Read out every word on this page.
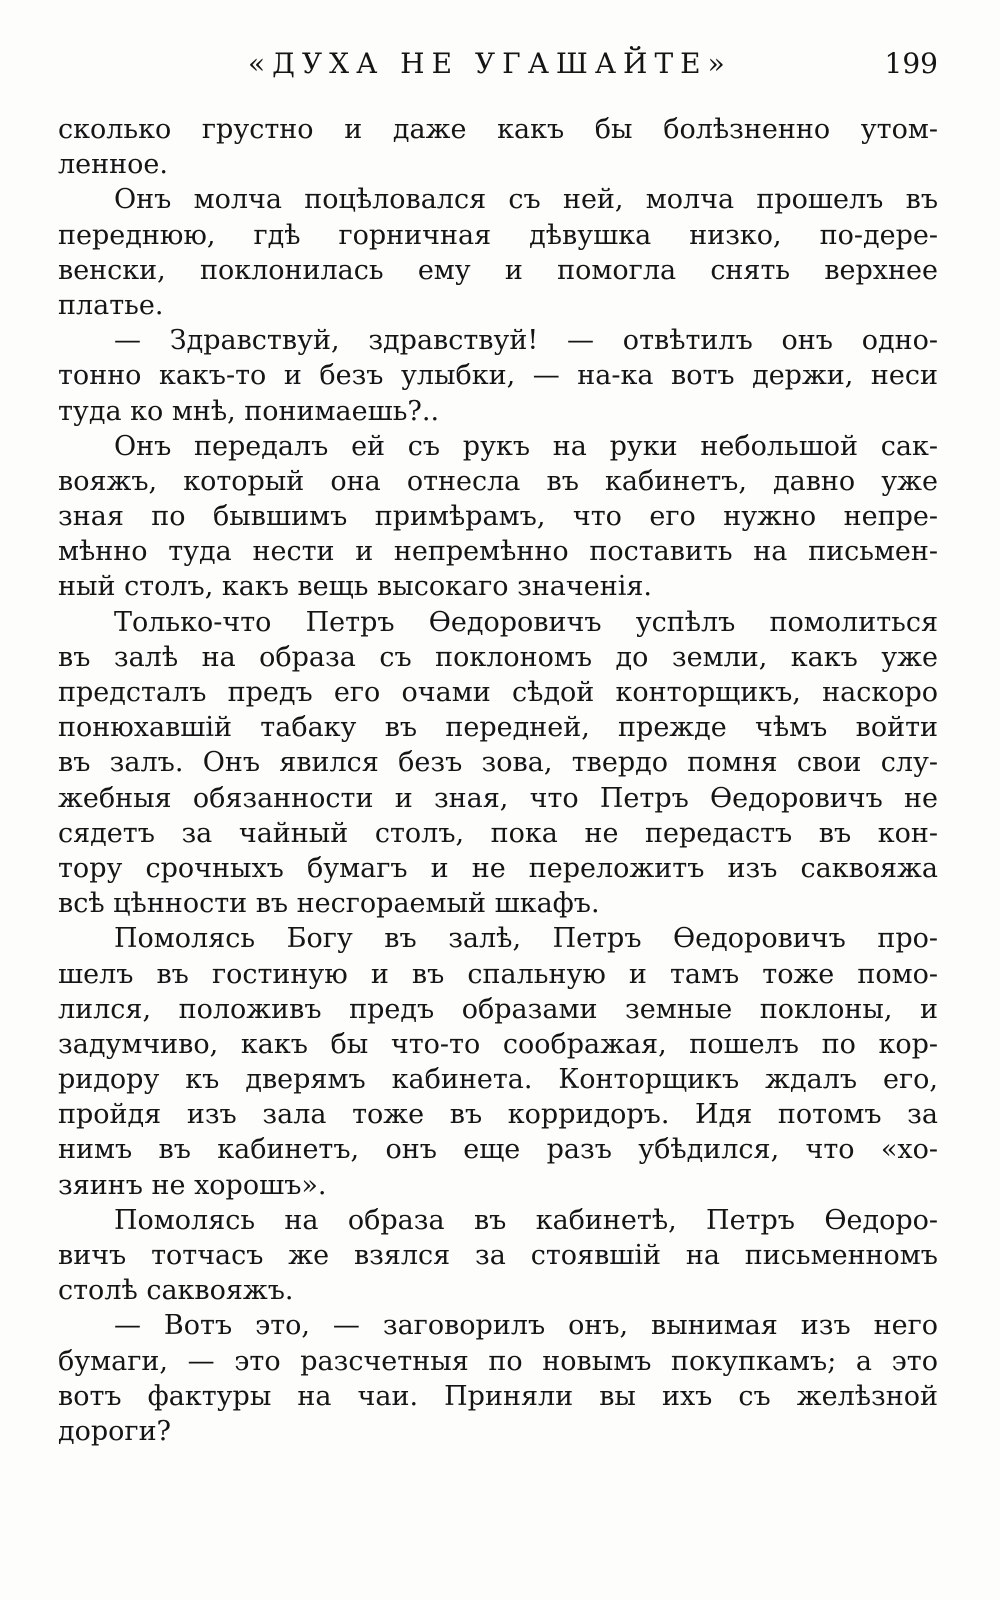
«ДУХА НЕ УГАШАЙТЕ»	199
сколько грустно и даже какъ бы болѣзненно утом-
ленное.
Онъ молча поцѣловался съ ней, молча прошелъ въ
переднюю, гдѣ горничная дѣвушка низко, по-дере-
венски, поклонилась ему и помогла снять верхнее
платье.
— Здравствуй, здравствуй! — отвѣтилъ онъ одно-
тонно какъ-то и безъ улыбки, — на-ка вотъ держи, неси
туда ко мнѣ, понимаешь?..
Онъ передалъ ей съ рукъ на руки небольшой сак-
вояжъ, который она отнесла въ кабинетъ, давно уже
зная по бывшимъ примѣрамъ, что его нужно непре-
мѣнно туда нести и непремѣнно поставить на письмен-
ный столъ, какъ вещь высокаго значенія.
Только-что Петръ Ѳедоровичъ успѣлъ помолиться
въ залѣ на образа съ поклономъ до земли, какъ уже
предсталъ предъ его очами сѣдой конторщикъ, наскоро
понюхавшій табаку въ передней, прежде чѣмъ войти
въ залъ. Онъ явился безъ зова, твердо помня свои слу-
жебныя обязанности и зная, что Петръ Ѳедоровичъ не
сядетъ за чайный столъ, пока не передастъ въ кон-
тору срочныхъ бумагъ и не переложитъ изъ саквояжа
всѣ цѣнности въ несгораемый шкафъ.
Помолясь Богу въ залѣ, Петръ Ѳедоровичъ про-
шелъ въ гостиную и въ спальную и тамъ тоже помо-
лился, положивъ предъ образами земные поклоны, и
задумчиво, какъ бы что-то соображая, пошелъ по кор-
ридору къ дверямъ кабинета. Конторщикъ ждалъ его,
пройдя изъ зала тоже въ корридоръ. Идя потомъ за
нимъ въ кабинетъ, онъ еще разъ убѣдился, что «хо-
зяинъ не хорошъ».
Помолясь на образа въ кабинетѣ, Петръ Ѳедоро-
вичъ тотчасъ же взялся за стоявшій на письменномъ
столѣ саквояжъ.
— Вотъ это, — заговорилъ онъ, вынимая изъ него
бумаги, — это разсчетныя по новымъ покупкамъ; а это
вотъ фактуры на чаи. Приняли вы ихъ съ желѣзной
дороги?
